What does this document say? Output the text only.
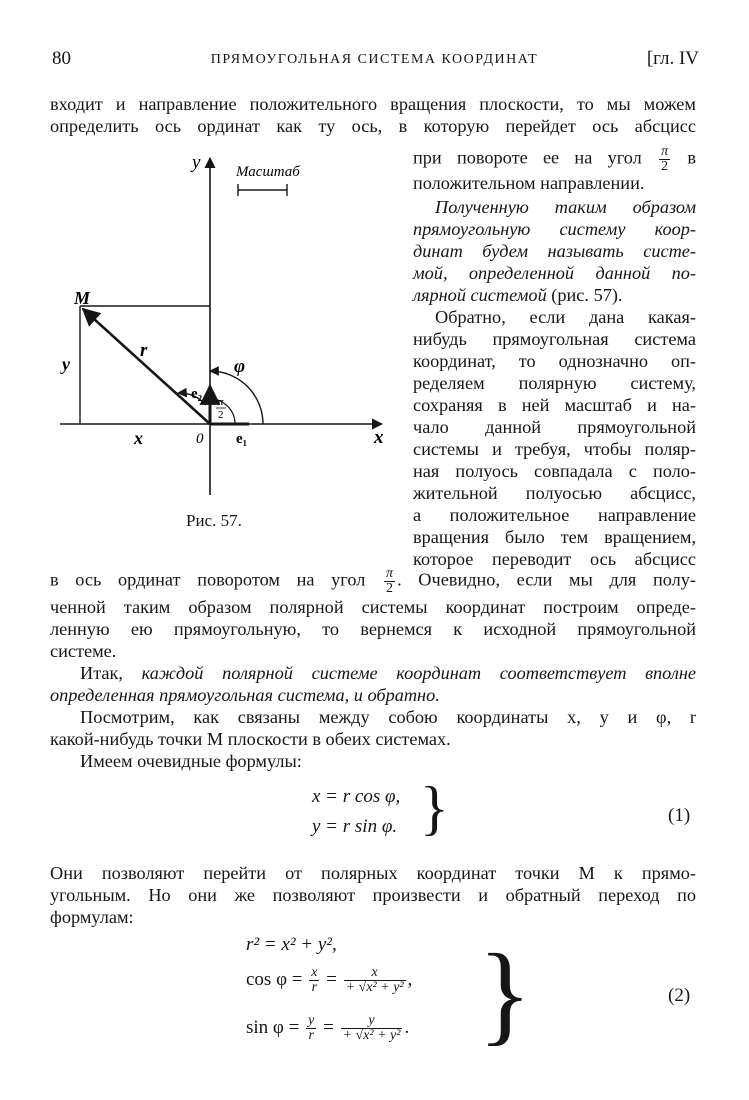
80	ПРЯМОУГОЛЬНАЯ СИСТЕМА КООРДИНАТ	[гл. IV
входит и направление положительного вращения плоскости, то мы можем
определить ось ординат как ту ось, в которую перейдет ось абсцисс
при повороте ее на угол $\frac{\pi}{2}$ в
положительном направлении.
Полученную таким образом
прямоугольную систему коор-
динат будем называть систе-
мой, определенной данной по-
лярной системой (рис. 57).
Обратно, если дана какая-
нибудь прямоугольная система
координат, то однозначно оп-
ределяем полярную систему,
сохраняя в ней масштаб и на-
чало данной прямоугольной
системы и требуя, чтобы поляр-
ная полуось совпадала с поло-
жительной полуосью абсцисс,
а положительное направление
вращения было тем вращением,
которое переводит ось абсцисс
Масштаб
y
x
M
r
φ
0 e₁
e₂
x
y
π
2
Рис. 57.
в ось ординат поворотом на угол $\frac{\pi}{2}$ . Очевидно, если мы для полу-
ченной таким образом полярной системы координат построим опреде-
ленную ею прямоугольную, то вернемся к исходной прямоугольной
системе.
Итак, каждой полярной системе координат соответствует вполне
определенная прямоугольная система, и обратно.
Посмотрим, как связаны между собою координаты x, y и φ, r
какой-нибудь точки M плоскости в обеих системах.
Имеем очевидные формулы:
x = r cos φ,
y = r sin φ. }	(1)
Они позволяют перейти от полярных координат точки M к прямо-
угольным. Но они же позволяют произвести и обратный переход по
формулам:
r² = x² + y²,
$\cos \varphi = \frac{x}{r} = \frac{x}{\text{+ √x² + y²}}$ ,
$\sin \varphi = \frac{y}{r} = \frac{y}{\text{+ √x² + y²}}$ . }	(2)
